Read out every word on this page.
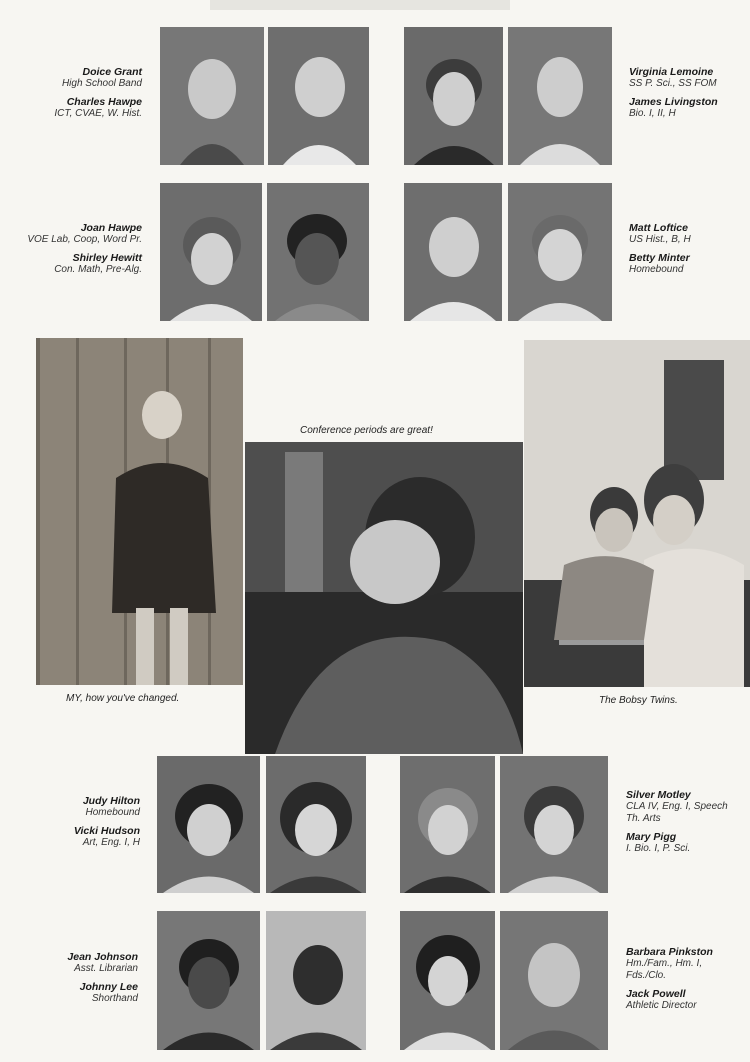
Doice Grant
High School Band
Charles Hawpe
ICT, CVAE, W. Hist.
Virginia Lemoine
SS P. Sci., SS FOM
James Livingston
Bio. I, II, H
Joan Hawpe
VOE Lab, Coop, Word Pr.
Shirley Hewitt
Con. Math, Pre-Alg.
Matt Loftice
US Hist., B, H
Betty Minter
Homebound
Conference periods are great!
MY, how you've changed.	The Bobsy Twins.
Judy Hilton
Homebound
Vicki Hudson
Art, Eng. I, H
Silver Motley
CLA IV, Eng. I, Speech
Th. Arts
Mary Pigg
I. Bio. I, P. Sci.
Jean Johnson
Asst. Librarian
Johnny Lee
Shorthand
Barbara Pinkston
Hm./Fam., Hm. I,
Fds./Clo.
Jack Powell
Athletic Director
